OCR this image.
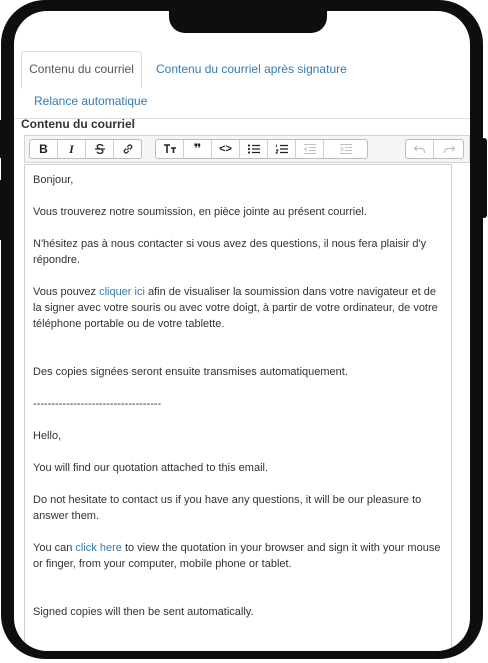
Contenu du courriel	Contenu du courriel après signature
Relance automatique
Contenu du courriel
B	I	❞	<>
Bonjour,
Vous trouverez notre soumission, en pièce jointe au présent courriel.
N'hésitez pas à nous contacter si vous avez des questions, il nous fera plaisir d'y répondre.
Vous pouvez cliquer ici afin de visualiser la soumission dans votre navigateur et de la signer avec votre souris ou avec votre doigt, à partir de votre ordinateur, de votre téléphone portable ou de votre tablette.
Des copies signées seront ensuite transmises automatiquement.
-----------------------------------
Hello,
You will find our quotation attached to this email.
Do not hesitate to contact us if you have any questions, it will be our pleasure to answer them.
You can click here to view the quotation in your browser and sign it with your mouse or finger, from your computer, mobile phone or tablet.
Signed copies will then be sent automatically.
